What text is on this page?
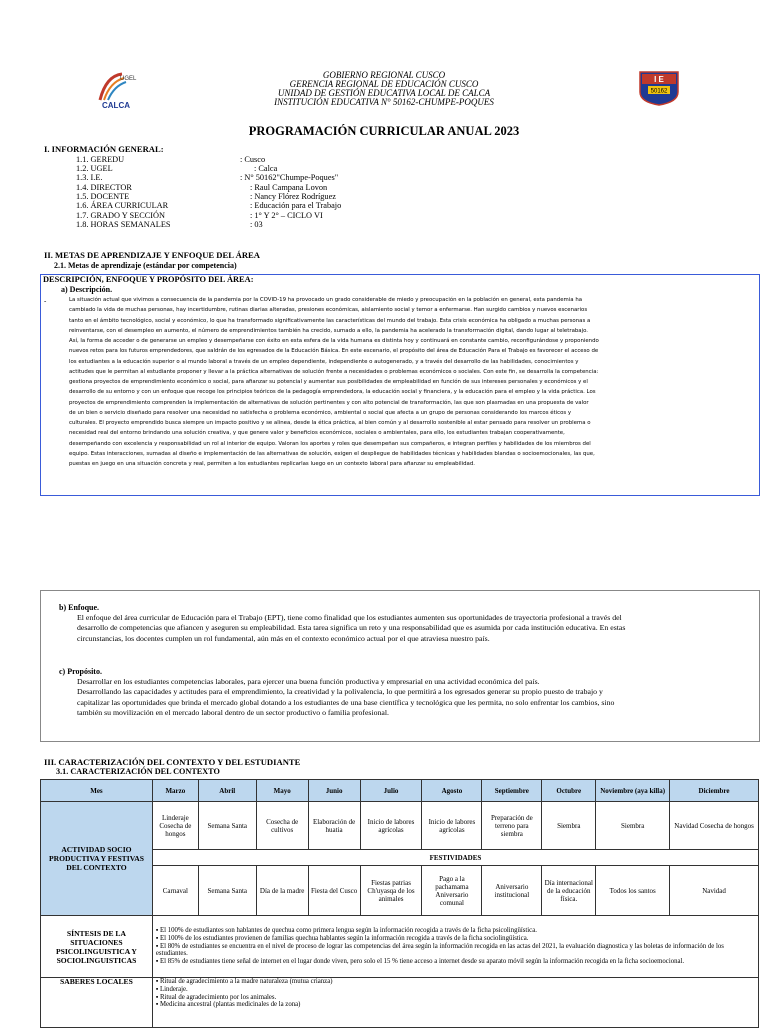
UGEL
CALCA
GOBIERNO REGIONAL CUSCO
GERENCIA REGIONAL DE EDUCACIÓN CUSCO
UNIDAD DE GESTIÓN EDUCATIVA LOCAL DE CALCA
INSTITUCIÓN EDUCATIVA N° 50162-CHUMPE-POQUES
I E
50162
PROGRAMACIÓN CURRICULAR ANUAL 2023
I. INFORMACIÓN GENERAL:
1.1. GEREDU	: Cusco
1.2. UGEL	: Calca
1.3. I.E.	: N° 50162"Chumpe-Poques"
1.4. DIRECTOR	: Raul Campana Lovon
1.5. DOCENTE	: Nancy Flórez Rodríguez
1.6. ÁREA CURRICULAR	: Educación para el Trabajo
1.7. GRADO Y SECCIÓN	: 1° Y 2° – CICLO VI
1.8. HORAS SEMANALES	: 03
II. METAS DE APRENDIZAJE Y ENFOQUE DEL ÁREA
2.1. Metas de aprendizaje (estándar por competencia)
DESCRIPCIÓN, ENFOQUE Y PROPÓSITO DEL ÁREA:
a) Descripción.
-	La situación actual que vivimos a consecuencia de la pandemia por la COVID-19 ha provocado un grado considerable de miedo y preocupación en la población en general, esta pandemia ha
cambiado la vida de muchas personas, hay incertidumbre, rutinas diarias alteradas, presiones económicas, aislamiento social y temor a enfermarse. Han surgido cambios y nuevos escenarios
tanto en el ámbito tecnológico, social y económico, lo que ha transformado significativamente las características del mundo del trabajo. Esta crisis económica ha obligado a muchas personas a
reinventarse, con el desempleo en aumento, el número de emprendimientos también ha crecido, sumado a ello, la pandemia ha acelerado la transformación digital, dando lugar al teletrabajo.
Así, la forma de acceder o de generarse un empleo y desempeñarse con éxito en esta esfera de la vida humana es distinta hoy y continuará en constante cambio, reconfigurándose y proponiendo
nuevos retos para los futuros emprendedores, que saldrán de los egresados de la Educación Básica. En este escenario, el propósito del área de Educación Para el Trabajo es favorecer el acceso de
los estudiantes a la educación superior o al mundo laboral a través de un empleo dependiente, independiente o autogenerado, y a través del desarrollo de las habilidades, conocimientos y
actitudes que le permitan al estudiante proponer y llevar a la práctica alternativas de solución frente a necesidades o problemas económicos o sociales. Con este fin, se desarrolla la competencia:
gestiona proyectos de emprendimiento económico o social, para afianzar su potencial y aumentar sus posibilidades de empleabilidad en función de sus intereses personales y económicos y el
desarrollo de su entorno y con un enfoque que recoge los principios teóricos de la pedagogía emprendedora, la educación social y financiera, y la educación para el empleo y la vida práctica. Los
proyectos de emprendimiento comprenden la implementación de alternativas de solución pertinentes y con alto potencial de transformación, las que son plasmadas en una propuesta de valor
de un bien o servicio diseñado para resolver una necesidad no satisfecha o problema económico, ambiental o social que afecta a un grupo de personas considerando los marcos éticos y
culturales. El proyecto emprendido busca siempre un impacto positivo y se alinea, desde la ética práctica, al bien común y al desarrollo sostenible al estar pensado para resolver un problema o
necesidad real del entorno brindando una solución creativa, y que genere valor y beneficios económicos, sociales o ambientales, para ello, los estudiantes trabajan cooperativamente,
desempeñando con excelencia y responsabilidad un rol al interior de equipo. Valoran los aportes y roles que desempeñan sus compañeros, e integran perfiles y habilidades de los miembros del
equipo. Estas interacciones, sumadas al diseño e implementación de las alternativas de solución, exigen el despliegue de habilidades técnicas y habilidades blandas o socioemocionales, las que,
puestas en juego en una situación concreta y real, permiten a los estudiantes replicarlas luego en un contexto laboral para afianzar su empleabilidad.
b) Enfoque.
El enfoque del área curricular de Educación para el Trabajo (EPT), tiene como finalidad que los estudiantes aumenten sus oportunidades de trayectoria profesional a través del
desarrollo de competencias que afiancen y aseguren su empleabilidad. Esta tarea significa un reto y una responsabilidad que es asumida por cada institución educativa. En estas
circunstancias, los docentes cumplen un rol fundamental, aún más en el contexto económico actual por el que atraviesa nuestro país.
c) Propósito.
Desarrollar en los estudiantes competencias laborales, para ejercer una buena función productiva y empresarial en una actividad económica del país.
Desarrollando las capacidades y actitudes para el emprendimiento, la creatividad y la polivalencia, lo que permitirá a los egresados generar su propio puesto de trabajo y
capitalizar las oportunidades que brinda el mercado global dotando a los estudiantes de una base científica y tecnológica que les permita, no solo enfrentar los cambios, sino
también su movilización en el mercado laboral dentro de un sector productivo o familia profesional.
III. CARACTERIZACIÓN DEL CONTEXTO Y DEL ESTUDIANTE
3.1. CARACTERIZACIÓN DEL CONTEXTO
Mes	Marzo	Abril	Mayo	Junio	Julio	Agosto	Septiembre	Octubre	Noviembre (aya killa)	Diciembre
ACTIVIDAD SOCIO PRODUCTIVA Y FESTIVAS DEL CONTEXTO	Linderaje Cosecha de hongos	Semana Santa	Cosecha de cultivos	Elaboración de huatia	Inicio de labores agrícolas	Inicio de labores agrícolas	Preparación de terreno para siembra	Siembra	Siembra	Navidad Cosecha de hongos
	FESTIVIDADES									
	Carnaval	Semana Santa	Día de la madre	Fiesta del Cusco	Fiestas patrias Ch'uyasqa de los animales	Pago a la pachamama Aniversario comunal	Aniversario institucional	Día internacional de la educación física.	Todos los santos	Navidad
SÍNTESIS DE LA SITUACIONES PSICOLINGUISTICA Y SOCIOLINGUISTICAS	▪ El 100% de estudiantes son hablantes de quechua como primera lengua según la información recogida a través de la ficha psicolingüística.
▪ El 100% de los estudiantes provienen de familias quechua hablantes según la información recogida a través de la ficha sociolingüística.
▪ El 80% de estudiantes se encuentra en el nivel de proceso de lograr las competencias del área según la información recogida en las actas del 2021, la evaluación diagnostica y las boletas de información de los estudiantes.
▪ El 85% de estudiantes tiene señal de internet en el lugar donde viven, pero solo el 15 % tiene acceso a internet desde su aparato móvil según la información recogida en la ficha socioemocional.									

SABERES LOCALES	▪ Ritual de agradecimiento a la madre naturaleza (mutua crianza)
▪ Linderaje.
▪ Ritual de agradecimiento por los animales.
▪ Medicina ancestral (plantas medicinales de la zona)									
